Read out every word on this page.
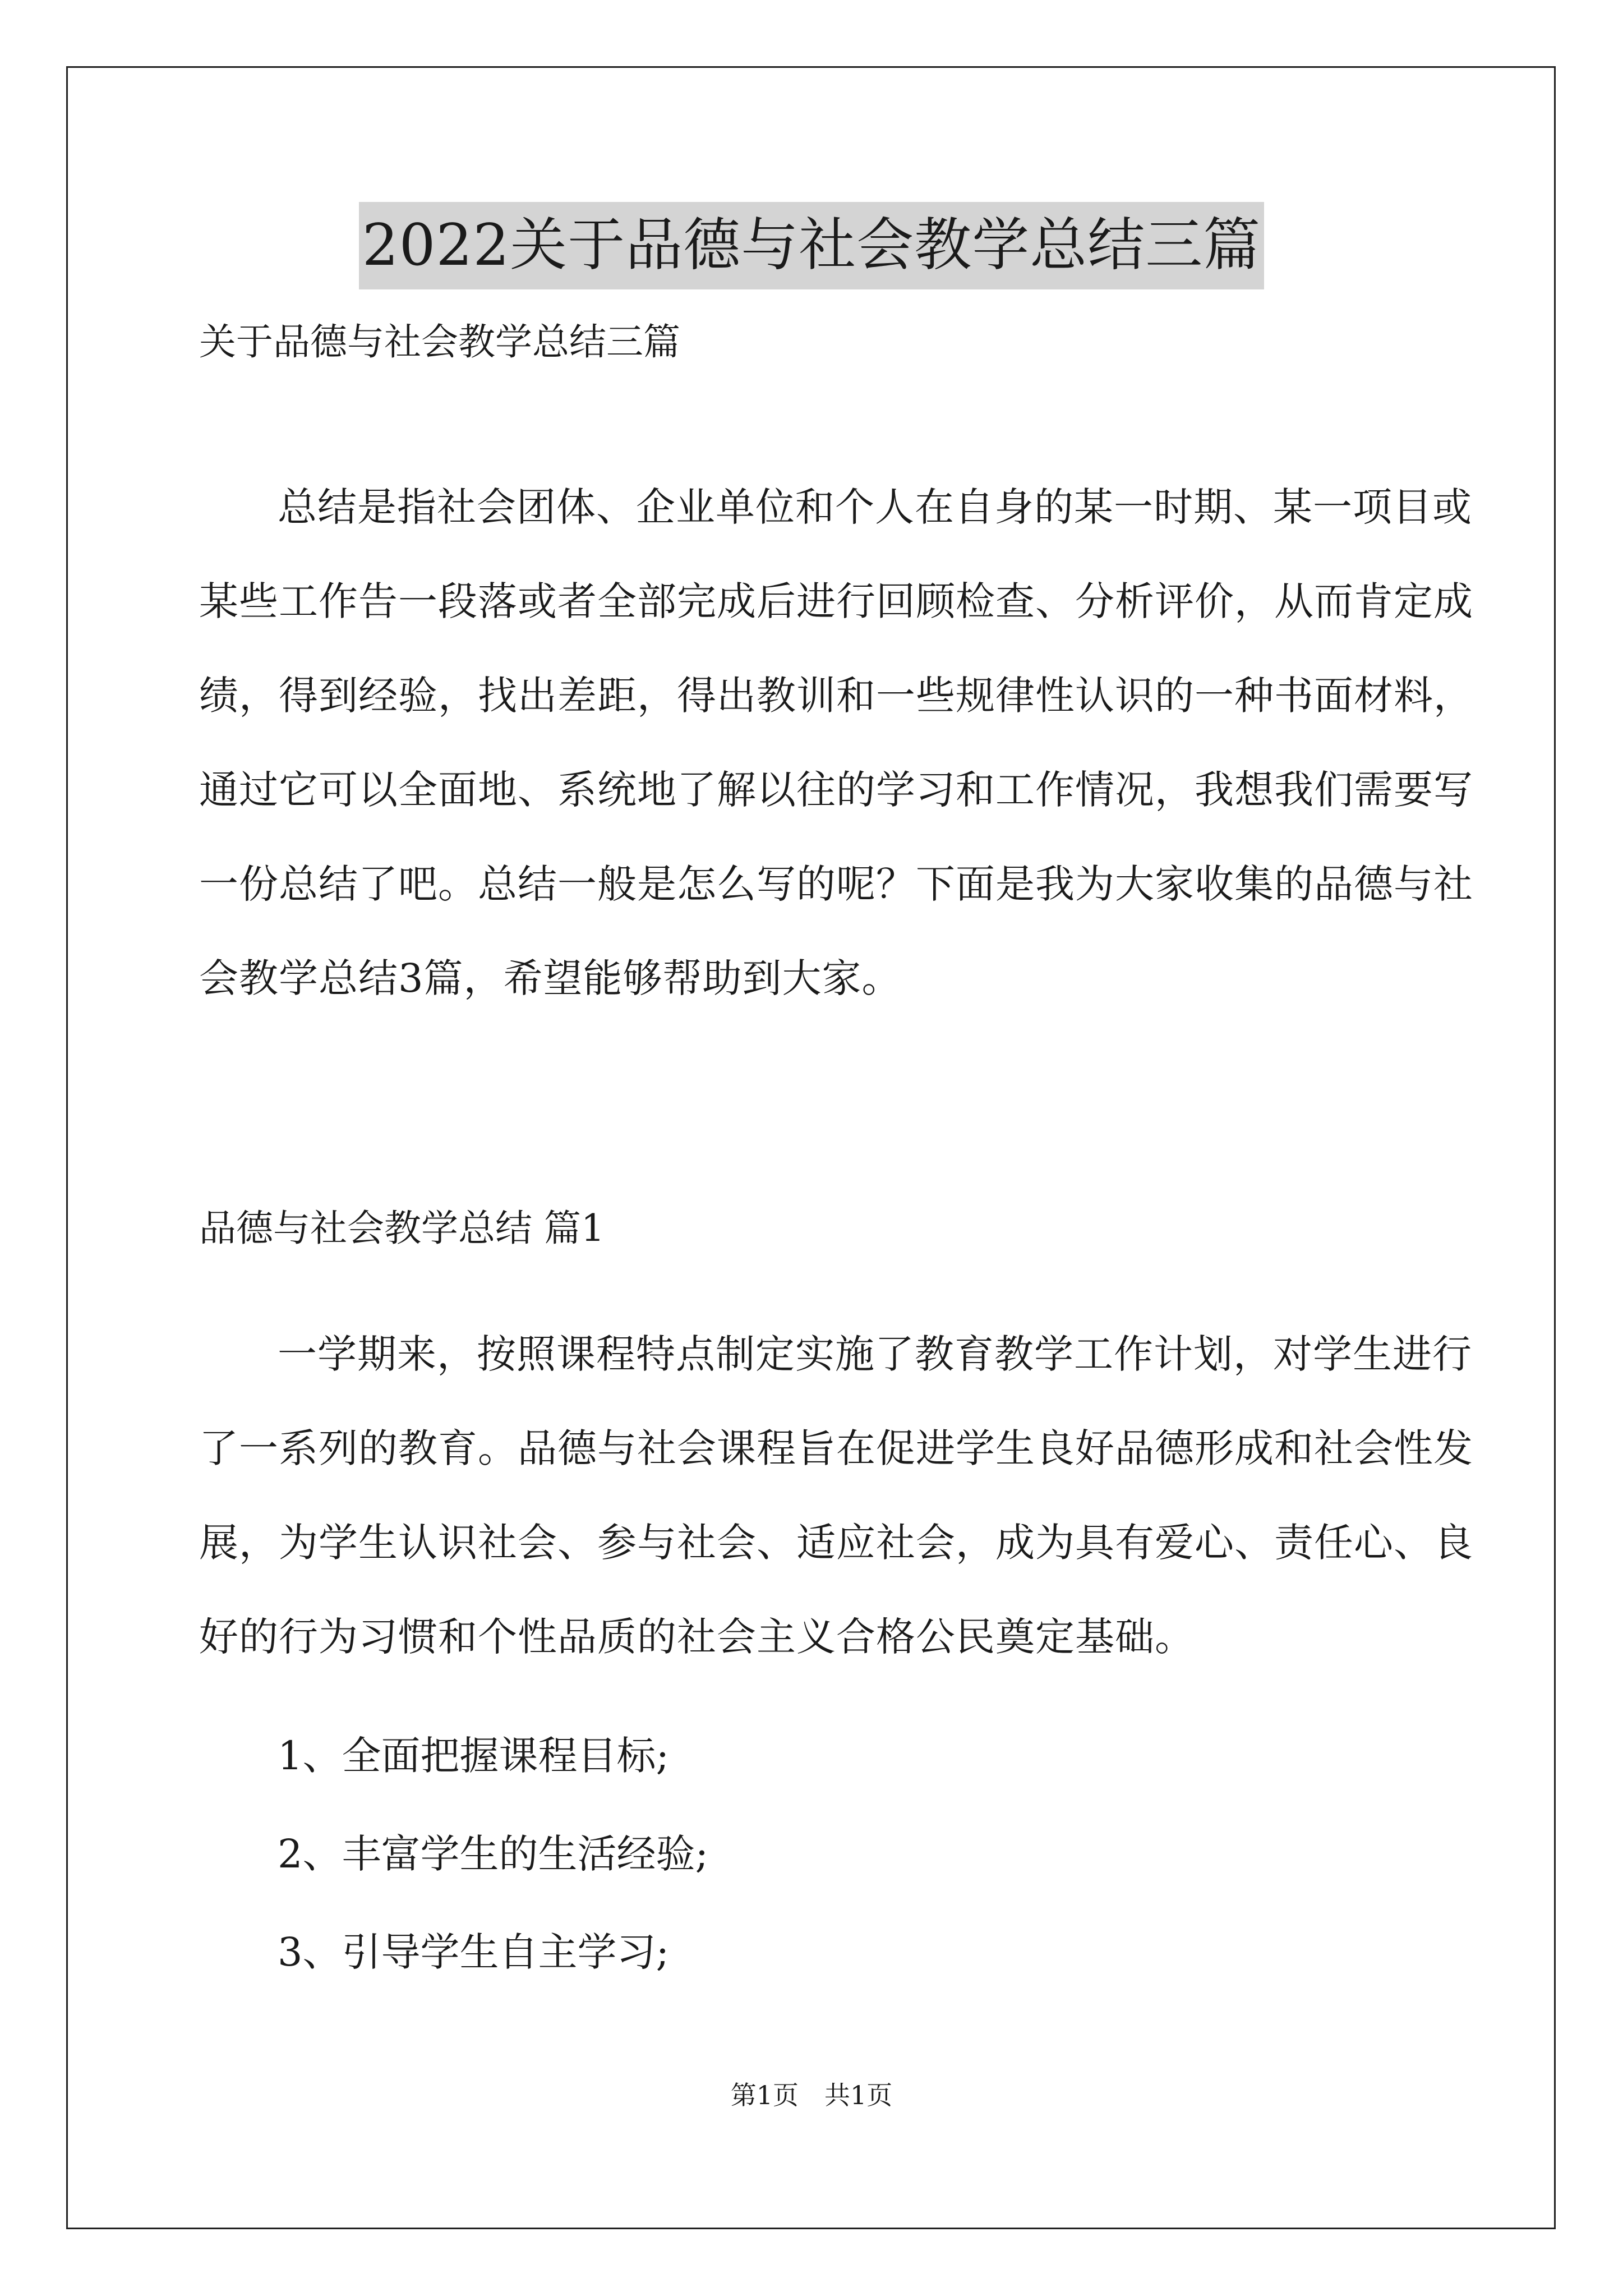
2022关于品德与社会教学总结三篇
关于品德与社会教学总结三篇
总结是指社会团体、企业单位和个人在自身的某一时期、某一项目或某些工作告一段落或者全部完成后进行回顾检查、分析评价，从而肯定成绩，得到经验，找出差距，得出教训和一些规律性认识的一种书面材料，通过它可以全面地、系统地了解以往的学习和工作情况，我想我们需要写一份总结了吧。总结一般是怎么写的呢？下面是我为大家收集的品德与社会教学总结3篇，希望能够帮助到大家。
品德与社会教学总结 篇1
一学期来，按照课程特点制定实施了教育教学工作计划，对学生进行了一系列的教育。品德与社会课程旨在促进学生良好品德形成和社会性发展，为学生认识社会、参与社会、适应社会，成为具有爱心、责任心、良好的行为习惯和个性品质的社会主义合格公民奠定基础。
1、全面把握课程目标;
2、丰富学生的生活经验;
3、引导学生自主学习;
第1页　共1页
